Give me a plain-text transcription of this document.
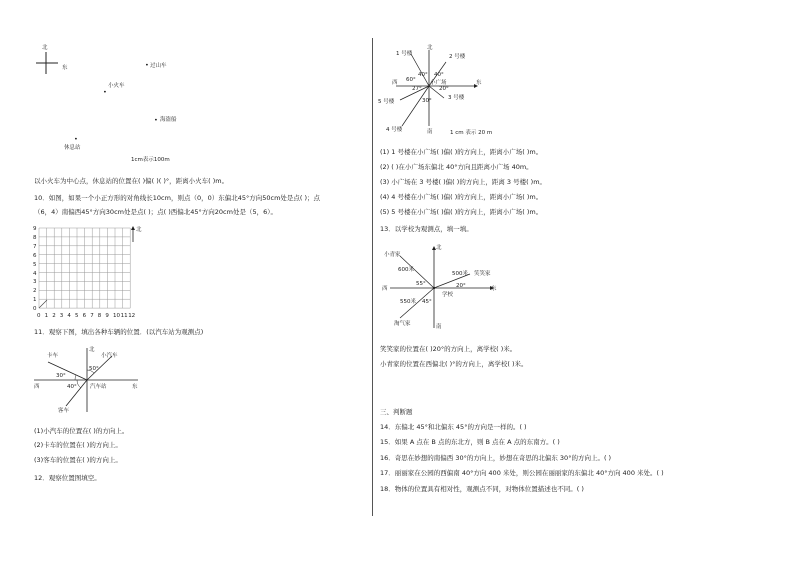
北
东	• 过山车
小火车
•
• 海盗船
•
休息站
1cm表示100m
以小火车为中心点，休息站的位置在( )偏( )( )°，距离小火车( )m。
10．如图，如果一个小正方形的对角线长10cm，则点（0，0）东偏北45°方向50cm处是点( )；点
（6，4）南偏西45°方向30cm处是点( )；点( )西偏北45°方向20cm处是（5，6）。
北
9
8
7
6
5
4
3
2
1
0
0 1 2 3 4 5 6 7 8 9 10 11 12
11．观察下图，填出各种车辆的位置．(以汽车站为观测点)
北
卡车	小汽车
50°
30°
西	40° 汽车站	东
客车
(1)小汽车的位置在( )的方向上。
(2)卡车的位置在( )的方向上。
(3)客车的位置在( )的方向上。
12．观察位置图填空。
北
1 号楼	2 号楼
40° 40°
西 60°	小广场	东
27°	20°
5 号楼	30°	3 号楼
4 号楼	南	1 cm 表示 20 m
(1) 1 号楼在小广场( )偏( )的方向上，距离小广场( )m。
(2) ( )在小广场东偏北 40°方向且距离小广场 40m。
(3) 小广场在 3 号楼( )偏( )的方向上，距离 3 号楼( )m。
(4) 4 号楼在小广场( )偏( )的方向上，距离小广场( )m。
(5) 5 号楼在小广场( )偏( )的方向上，距离小广场( )m。
13．以学校为观测点，填一填。
北
小青家
600米
500米 笑笑家
55°	20°
西	东
学校
550米 45°
淘气家	南
笑笑家的位置在( )20°的方向上，离学校( )米。
小青家的位置在西偏北( )°的方向上，离学校( )米。
三、判断题
14．东偏北 45°和北偏东 45°的方向是一样的。( )
15．如果 A 点在 B 点的东北方，则 B 点在 A 点的东南方。( )
16．奇思在妙想的南偏西 30°的方向上，妙想在奇思的北偏东 30°的方向上。( )
17．丽丽家在公园的西偏南 40°方向 400 米处，则公园在丽丽家的东偏北 40°方向 400 米处。( )
18．物体的位置具有相对性，观测点不同，对物体位置描述也不同。( )
